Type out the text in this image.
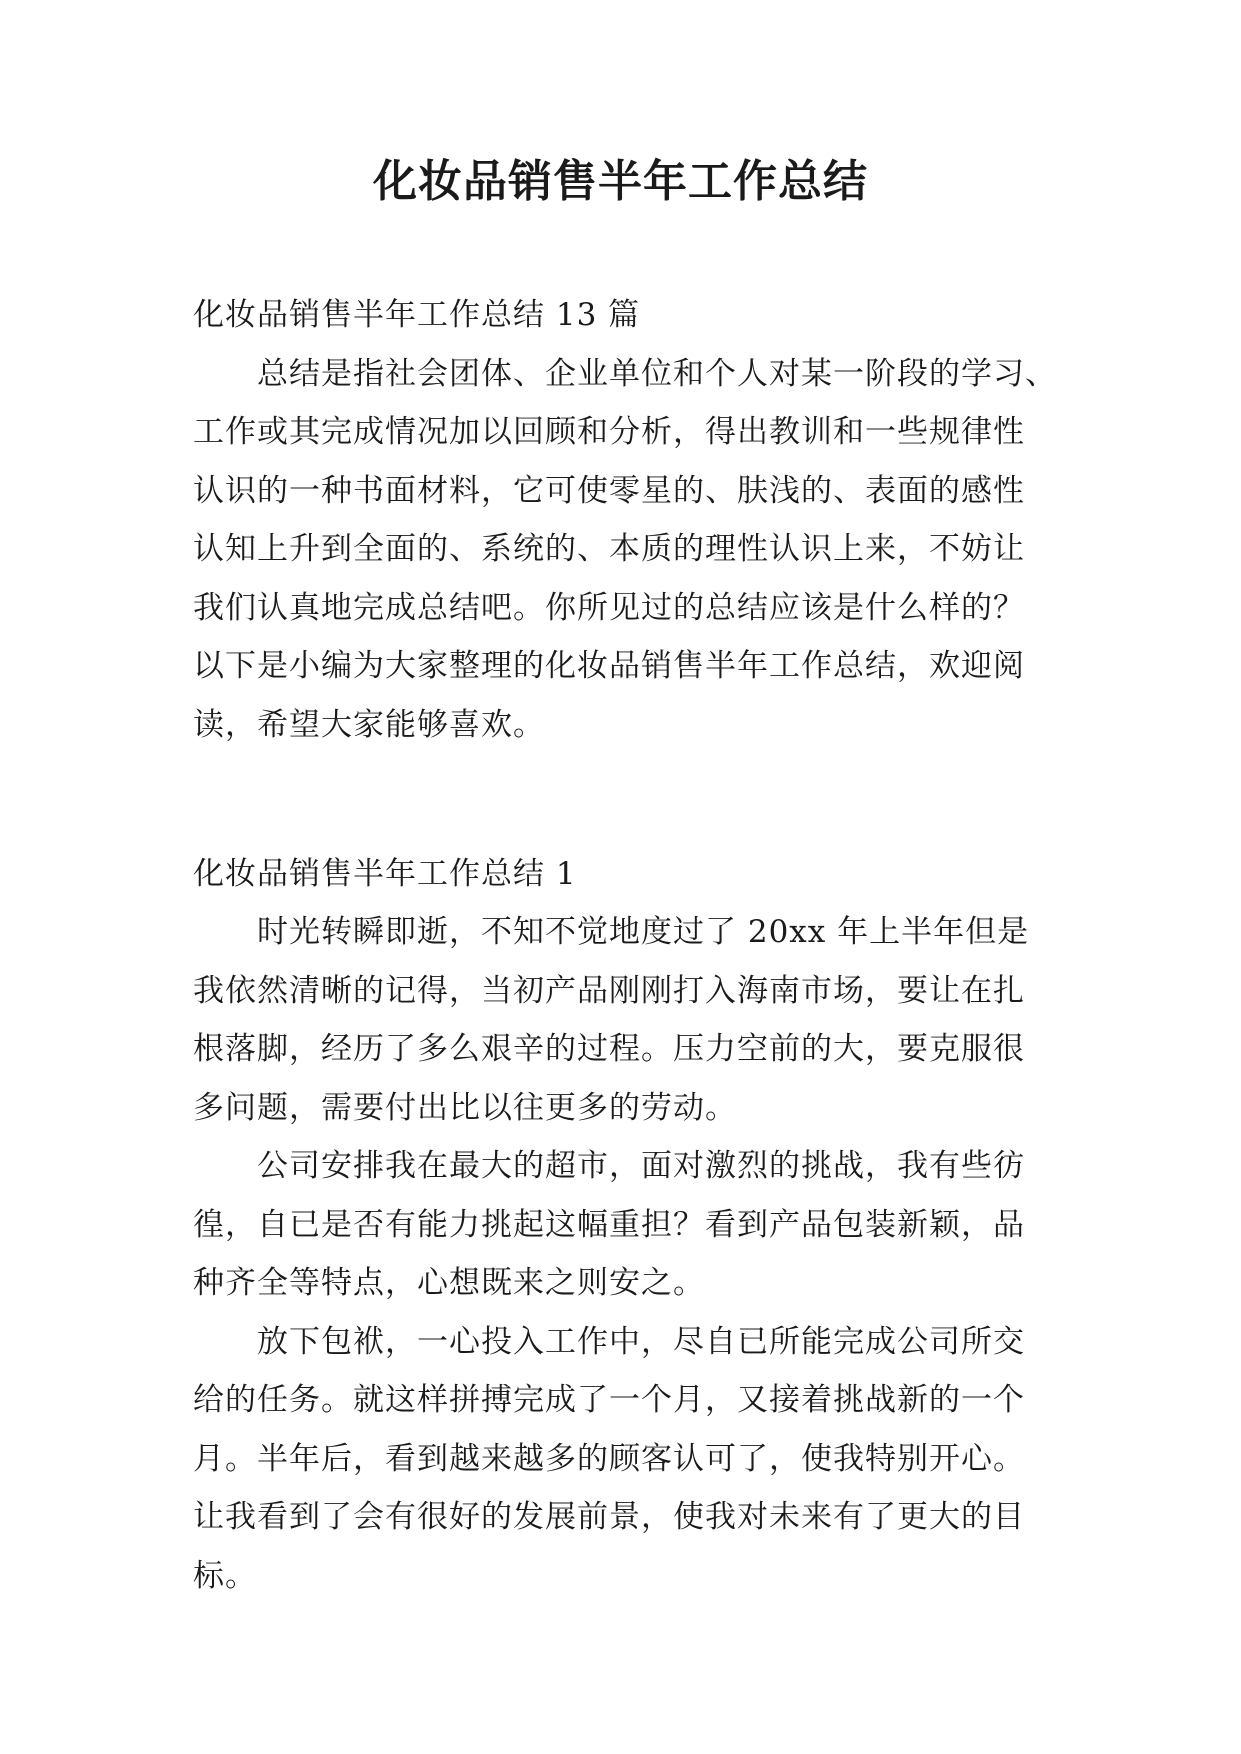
化妆品销售半年工作总结

化妆品销售半年工作总结 13 篇

总结是指社会团体、企业单位和个人对某一阶段的学习、

工作或其完成情况加以回顾和分析，得出教训和一些规律性

认识的一种书面材料，它可使零星的、肤浅的、表面的感性

认知上升到全面的、系统的、本质的理性认识上来，不妨让

我们认真地完成总结吧。你所见过的总结应该是什么样的？

以下是小编为大家整理的化妆品销售半年工作总结，欢迎阅

读，希望大家能够喜欢。

化妆品销售半年工作总结 1

时光转瞬即逝，不知不觉地度过了 20xx 年上半年但是

我依然清晰的记得，当初产品刚刚打入海南市场，要让在扎

根落脚，经历了多么艰辛的过程。压力空前的大，要克服很

多问题，需要付出比以往更多的劳动。

公司安排我在最大的超市，面对激烈的挑战，我有些彷

徨，自已是否有能力挑起这幅重担？看到产品包装新颖，品

种齐全等特点，心想既来之则安之。

放下包袱，一心投入工作中，尽自已所能完成公司所交

给的任务。就这样拼搏完成了一个月，又接着挑战新的一个

月。半年后，看到越来越多的顾客认可了，使我特别开心。

让我看到了会有很好的发展前景，使我对未来有了更大的目

标。
